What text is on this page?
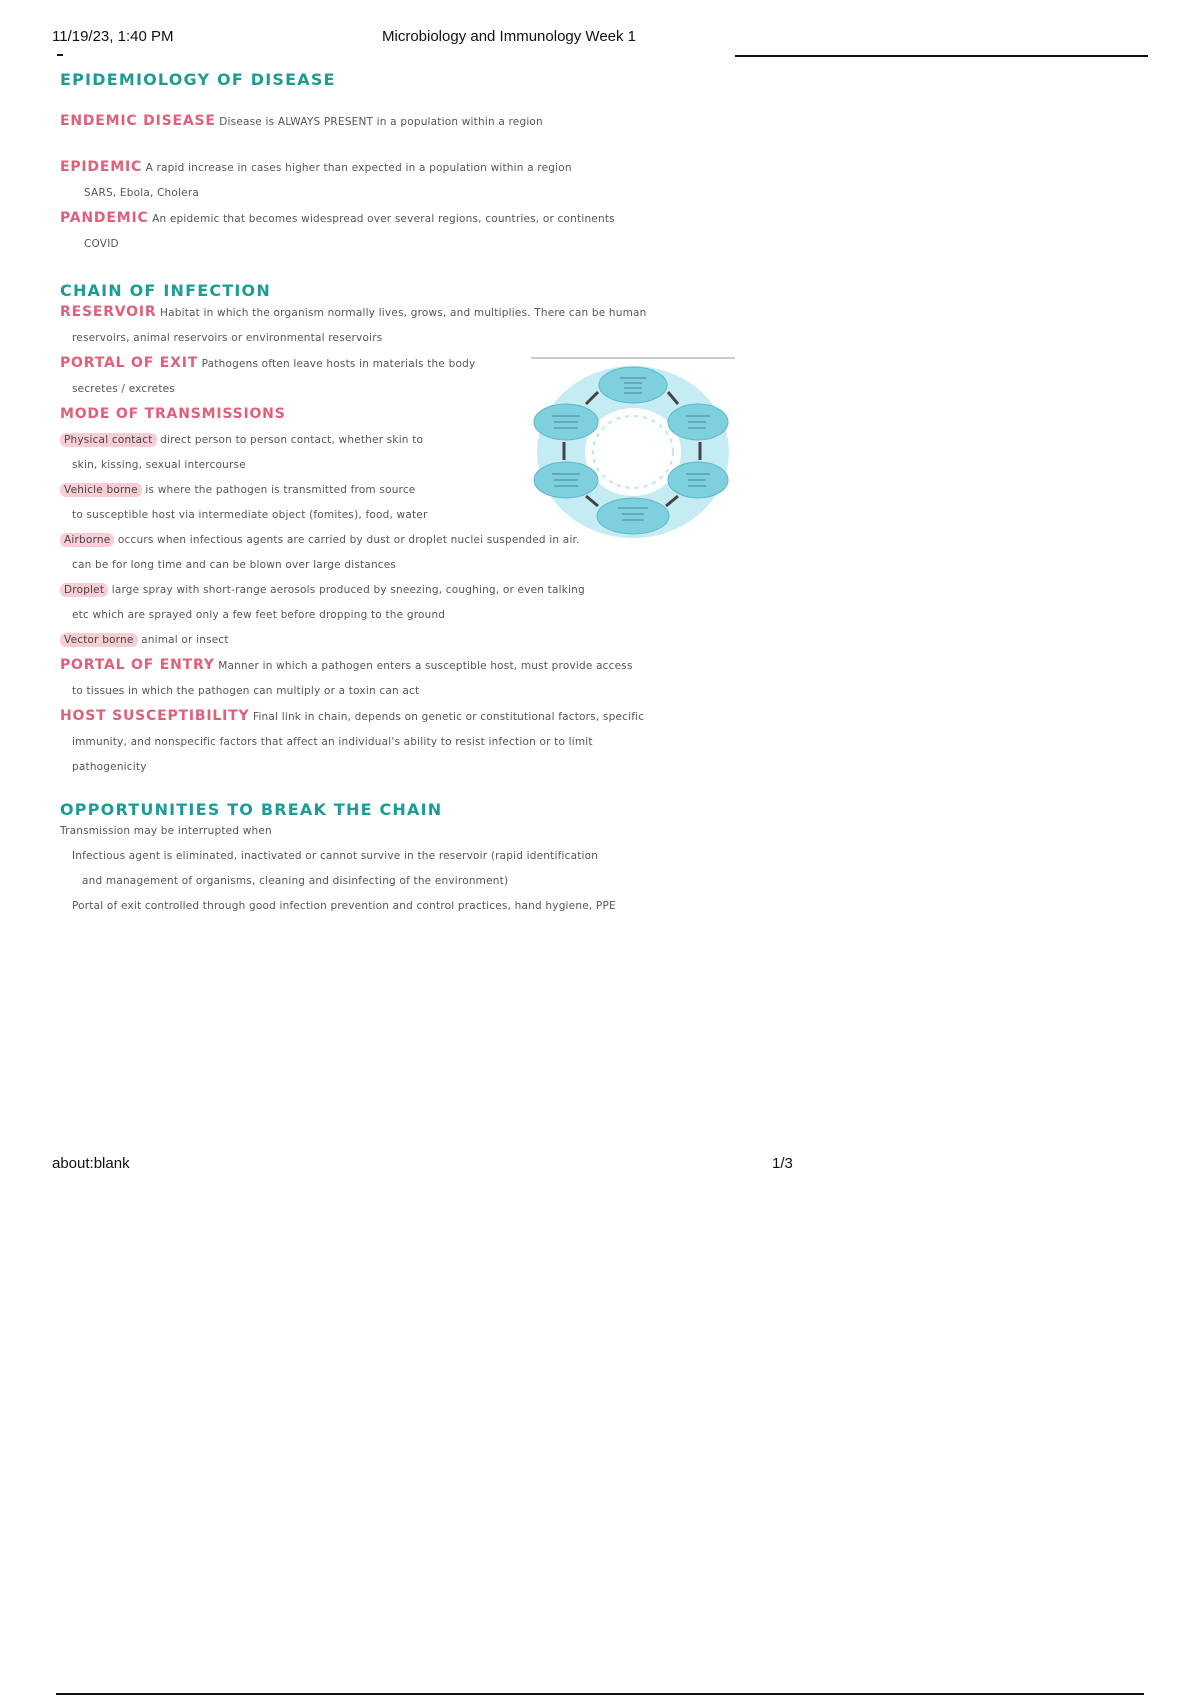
11/19/23, 1:40 PM	Microbiology and Immunology Week 1

EPIDEMIOLOGY OF DISEASE

ENDEMIC DISEASE Disease is ALWAYS PRESENT in a population within a region
EPIDEMIC A rapid increase in cases higher than expected in a population within a region
SARS, Ebola, Cholera
PANDEMIC An epidemic that becomes widespread over several regions, countries, or continents
COVID

CHAIN OF INFECTION

RESERVOIR Habitat in which the organism normally lives, grows, and multiplies. There can be human
reservoirs, animal reservoirs or environmental reservoirs
PORTAL OF EXIT Pathogens often leave hosts in materials the body
secretes / excretes
MODE OF TRANSMISSIONS
Physical contact direct person to person contact, whether skin to
skin, kissing, sexual intercourse
Vehicle borne is where the pathogen is transmitted from source
to susceptible host via intermediate object (fomites), food, water
Airborne occurs when infectious agents are carried by dust or droplet nuclei suspended in air.
can be for long time and can be blown over large distances
Droplet large spray with short-range aerosols produced by sneezing, coughing, or even talking
etc which are sprayed only a few feet before dropping to the ground
Vector borne animal or insect
PORTAL OF ENTRY Manner in which a pathogen enters a susceptible host, must provide access
to tissues in which the pathogen can multiply or a toxin can act
HOST SUSCEPTIBILITY Final link in chain, depends on genetic or constitutional factors, specific
immunity, and nonspecific factors that affect an individual's ability to resist infection or to limit
pathogenicity

OPPORTUNITIES TO BREAK THE CHAIN

Transmission may be interrupted when
Infectious agent is eliminated, inactivated or cannot survive in the reservoir (rapid identification
and management of organisms, cleaning and disinfecting of the environment)
Portal of exit controlled through good infection prevention and control practices, hand hygiene, PPE
about:blank	1/3
